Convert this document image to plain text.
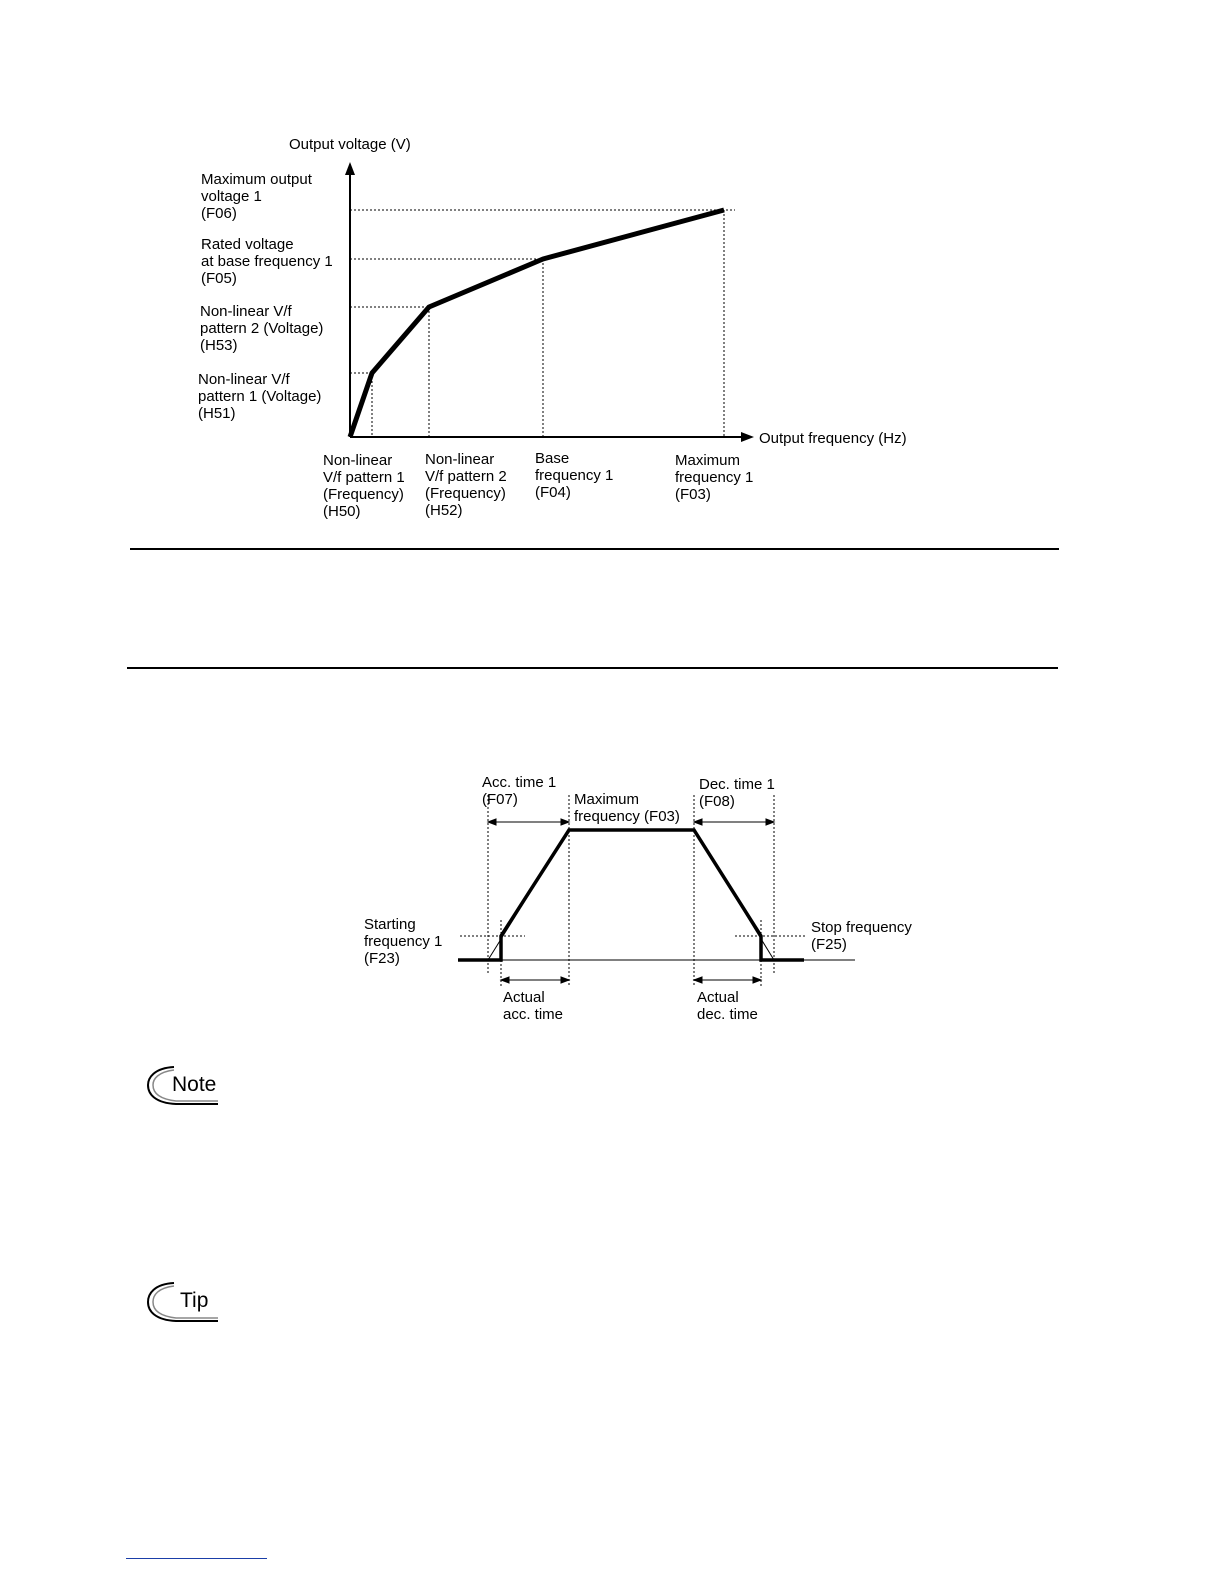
Output voltage (V)
Maximum output
voltage 1
(F06)
Rated voltage
at base frequency 1
(F05)
Non-linear V/f
pattern 2 (Voltage)
(H53)
Non-linear V/f
pattern 1 (Voltage)
(H51)
Output frequency (Hz)
Non-linear
V/f pattern 1
(Frequency)
(H50)
Non-linear
V/f pattern 2
(Frequency)
(H52)
Base
frequency 1
(F04)
Maximum
frequency 1
(F03)
Acc. time 1
(F07)	Maximum
frequency (F03)
Dec. time 1
(F08)
Starting
frequency 1
(F23)
Stop frequency
(F25)
Actual
acc. time
Actual
dec. time
Note
Tip
